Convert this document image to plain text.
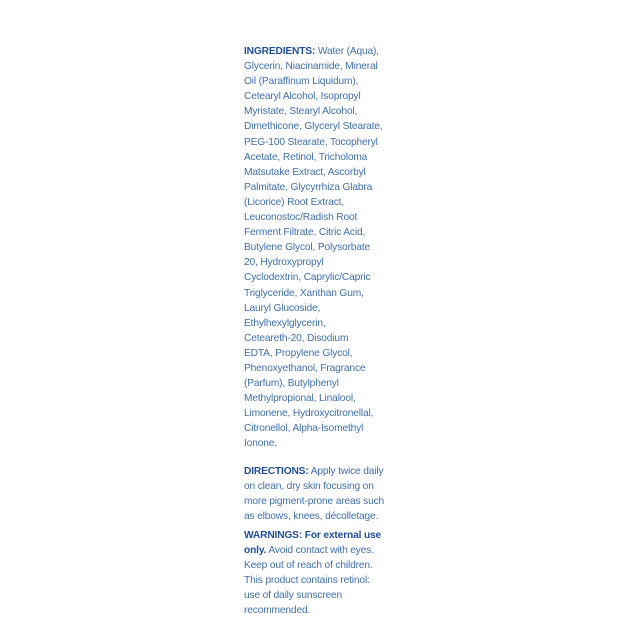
INGREDIENTS: Water (Aqua),
Glycerin, Niacinamide, Mineral
Oil (Paraffinum Liquidum),
Cetearyl Alcohol, Isopropyl
Myristate, Stearyl Alcohol,
Dimethicone, Glyceryl Stearate,
PEG-100 Stearate, Tocopheryl
Acetate, Retinol, Tricholoma
Matsutake Extract, Ascorbyl
Palmitate, Glycyrrhiza Glabra
(Licorice) Root Extract,
Leuconostoc/Radish Root
Ferment Filtrate, Citric Acid,
Butylene Glycol, Polysorbate
20, Hydroxypropyl
Cyclodextrin, Caprylic/Capric
Triglyceride, Xanthan Gum,
Lauryl Glucoside,
Ethylhexylglycerin,
Ceteareth-20, Disodium
EDTA, Propylene Glycol,
Phenoxyethanol, Fragrance
(Parfum), Butylphenyl
Methylpropional, Linalool,
Limonene, Hydroxycitronellal,
Citronellol, Alpha-Isomethyl
Ionone.
DIRECTIONS: Apply twice daily
on clean, dry skin focusing on
more pigment-prone areas such
as elbows, knees, décolletage.
WARNINGS: For external use
only. Avoid contact with eyes.
Keep out of reach of children.
This product contains retinol:
use of daily sunscreen
recommended.
